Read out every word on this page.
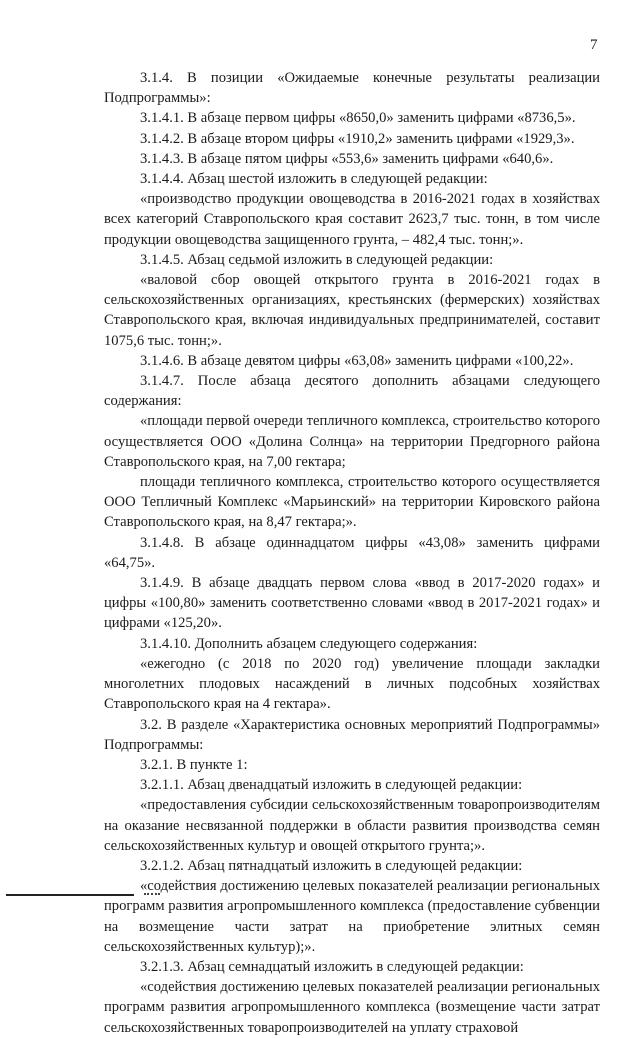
7

3.1.4. В позиции «Ожидаемые конечные результаты реализации Подпрограммы»:

3.1.4.1. В абзаце первом цифры «8650,0» заменить цифрами «8736,5».

3.1.4.2. В абзаце втором цифры «1910,2» заменить цифрами «1929,3».

3.1.4.3. В абзаце пятом цифры «553,6» заменить цифрами «640,6».

3.1.4.4. Абзац шестой изложить в следующей редакции:

«производство продукции овощеводства в 2016-2021 годах в хозяйствах всех категорий Ставропольского края составит 2623,7 тыс. тонн, в том числе продукции овощеводства защищенного грунта, – 482,4 тыс. тонн;».

3.1.4.5. Абзац седьмой изложить в следующей редакции:

«валовой сбор овощей открытого грунта в 2016-2021 годах в сельскохозяйственных организациях, крестьянских (фермерских) хозяйствах Ставропольского края, включая индивидуальных предпринимателей, составит 1075,6 тыс. тонн;».

3.1.4.6. В абзаце девятом цифры «63,08» заменить цифрами «100,22».

3.1.4.7. После абзаца десятого дополнить абзацами следующего содержания:

«площади первой очереди тепличного комплекса, строительство которого осуществляется ООО «Долина Солнца» на территории Предгорного района Ставропольского края, на 7,00 гектара;

площади тепличного комплекса, строительство которого осуществляется ООО Тепличный Комплекс «Марьинский» на территории Кировского района Ставропольского края, на 8,47 гектара;».

3.1.4.8. В абзаце одиннадцатом цифры «43,08» заменить цифрами «64,75».

3.1.4.9. В абзаце двадцать первом слова «ввод в 2017-2020 годах» и цифры «100,80» заменить соответственно словами «ввод в 2017-2021 годах» и цифрами «125,20».

3.1.4.10. Дополнить абзацем следующего содержания:

«ежегодно (с 2018 по 2020 год) увеличение площади закладки многолетних плодовых насаждений в личных подсобных хозяйствах Ставропольского края на 4 гектара».

3.2. В разделе «Характеристика основных мероприятий Подпрограммы» Подпрограммы:

3.2.1. В пункте 1:

3.2.1.1. Абзац двенадцатый изложить в следующей редакции:

«предоставления субсидии сельскохозяйственным товаропроизводителям на оказание несвязанной поддержки в области развития производства семян сельскохозяйственных культур и овощей открытого грунта;».

3.2.1.2. Абзац пятнадцатый изложить в следующей редакции:

«содействия достижению целевых показателей реализации региональных программ развития агропромышленного комплекса (предоставление субвенции на возмещение части затрат на приобретение элитных семян сельскохозяйственных культур);».

3.2.1.3. Абзац семнадцатый изложить в следующей редакции:

«содействия достижению целевых показателей реализации региональных программ развития агропромышленного комплекса (возмещение части затрат сельскохозяйственных товаропроизводителей на уплату страховой
